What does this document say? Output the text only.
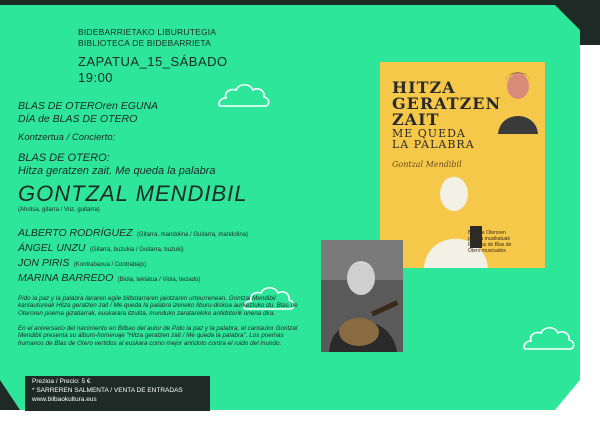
BIDEBARRIETAKO LIBURUTEGIA
BIBLIOTECA DE BIDEBARRIETA
ZAPATUA_15_SÁBADO
19:00
BLAS DE OTEROren EGUNA
DÍA de BLAS DE OTERO
Kontzertua / Concierto:
BLAS DE OTERO:
Hitza geratzen zait. Me queda la palabra
GONTZAL MENDIBIL
(Ahotsa, gitarra / Voz, guitarra)
ALBERTO RODRÍGUEZ (Gitarra, mandolina / Guitarra, mandolina)
ÁNGEL UNZU (Gitarra, buzukia / Guitarra, buzuki)
JON PIRIS (Kontrabaxua / Contrabajo)
MARINA BARREDO (Biola, teklatua / Viola, teclado)
Pido la paz y la palabra lanaren egile bilbotarraren jaiotzaren urteurrenean, Gontzal Mendibil kantautoreak Hitza geratzen zait / Me queda la palabra izeneko liburu-diskoa aurkeztuko du. Blas de Oteroren poema gizatiarrak, euskarara itzulita, munduko zaratarekiko antidotorik onena dira.
En el aniversario del nacimiento en Bilbao del autor de Pido la paz y la palabra, el cantautor Gontzal Mendibil presenta su álbum-homenaje "Hitza geratzen zait / Me queda la palabra". Los poemas humanos de Blas de Otero vertidos al euskara como mejor antídoto contra el ruido del mundo.
Prezioa / Precio: 5 €
* SARREREN SALMENTA / VENTA DE ENTRADAS
www.bilbaokultura.eus
HITZA
GERATZEN
ZAIT
ME QUEDA
LA PALABRA
Gontzal Mendibil
Blas de Oteroren
poema musikatuak
Poemas de Blas de
Otero musicados
